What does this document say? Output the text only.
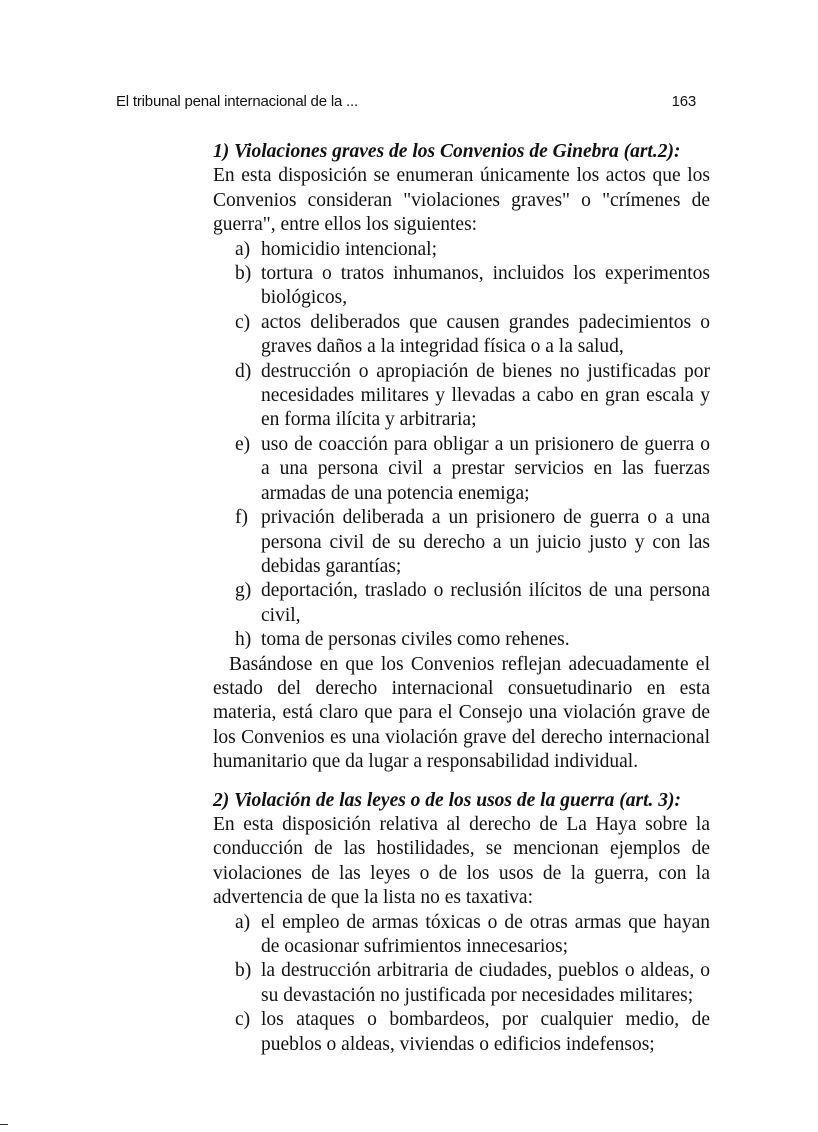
El tribunal penal internacional de la ...	163

1) Violaciones graves de los Convenios de Ginebra (art.2):

En esta disposición se enumeran únicamente los actos que los Convenios consideran "violaciones graves" o "crímenes de guerra", entre ellos los siguientes:

a) homicidio intencional;
b) tortura o tratos inhumanos, incluidos los experimentos biológicos,
c) actos deliberados que causen grandes padecimientos o graves daños a la integridad física o a la salud,
d) destrucción o apropiación de bienes no justificadas por necesidades militares y llevadas a cabo en gran escala y en forma ilícita y arbitraria;
e) uso de coacción para obligar a un prisionero de guerra o a una persona civil a prestar servicios en las fuerzas armadas de una potencia enemiga;
f) privación deliberada a un prisionero de guerra o a una persona civil de su derecho a un juicio justo y con las debidas garantías;
g) deportación, traslado o reclusión ilícitos de una persona civil,
h) toma de personas civiles como rehenes.

Basándose en que los Convenios reflejan adecuadamente el estado del derecho internacional consuetudinario en esta materia, está claro que para el Consejo una violación grave de los Convenios es una violación grave del derecho internacional humanitario que da lugar a responsabilidad individual.

2) Violación de las leyes o de los usos de la guerra (art. 3):

En esta disposición relativa al derecho de La Haya sobre la conducción de las hostilidades, se mencionan ejemplos de violaciones de las leyes o de los usos de la guerra, con la advertencia de que la lista no es taxativa:

a) el empleo de armas tóxicas o de otras armas que hayan de ocasionar sufrimientos innecesarios;
b) la destrucción arbitraria de ciudades, pueblos o aldeas, o su devastación no justificada por necesidades militares;
c) los ataques o bombardeos, por cualquier medio, de pueblos o aldeas, viviendas o edificios indefensos;
